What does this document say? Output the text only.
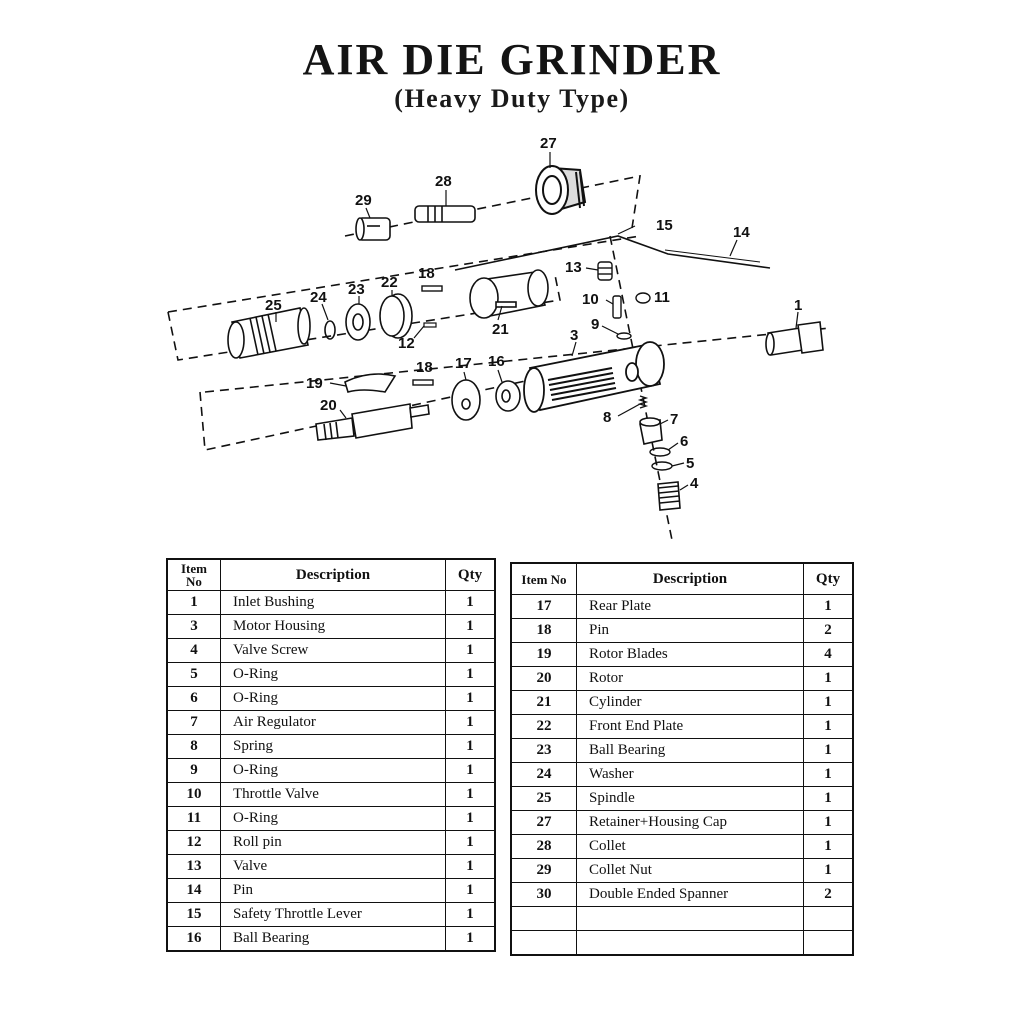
AIR DIE GRINDER
(Heavy Duty Type)
1
3
4
5
6
7
8
9
10	11
12
13
14
15
16
17
18
18
19
20
21
22
23
24
25
27
28
29
Item No	Description	Qty
1	Inlet Bushing	1
3	Motor Housing	1
4	Valve Screw	1
5	O-Ring	1
6	O-Ring	1
7	Air Regulator	1
8	Spring	1
9	O-Ring	1
10	Throttle Valve	1
11	O-Ring	1
12	Roll pin	1
13	Valve	1
14	Pin	1
15	Safety Throttle Lever	1
16	Ball Bearing	1
Item No	Description	Qty
17	Rear Plate	1
18	Pin	2
19	Rotor Blades	4
20	Rotor	1
21	Cylinder	1
22	Front End Plate	1
23	Ball Bearing	1
24	Washer	1
25	Spindle	1
27	Retainer+Housing Cap	1
28	Collet	1
29	Collet Nut	1
30	Double Ended Spanner	2
